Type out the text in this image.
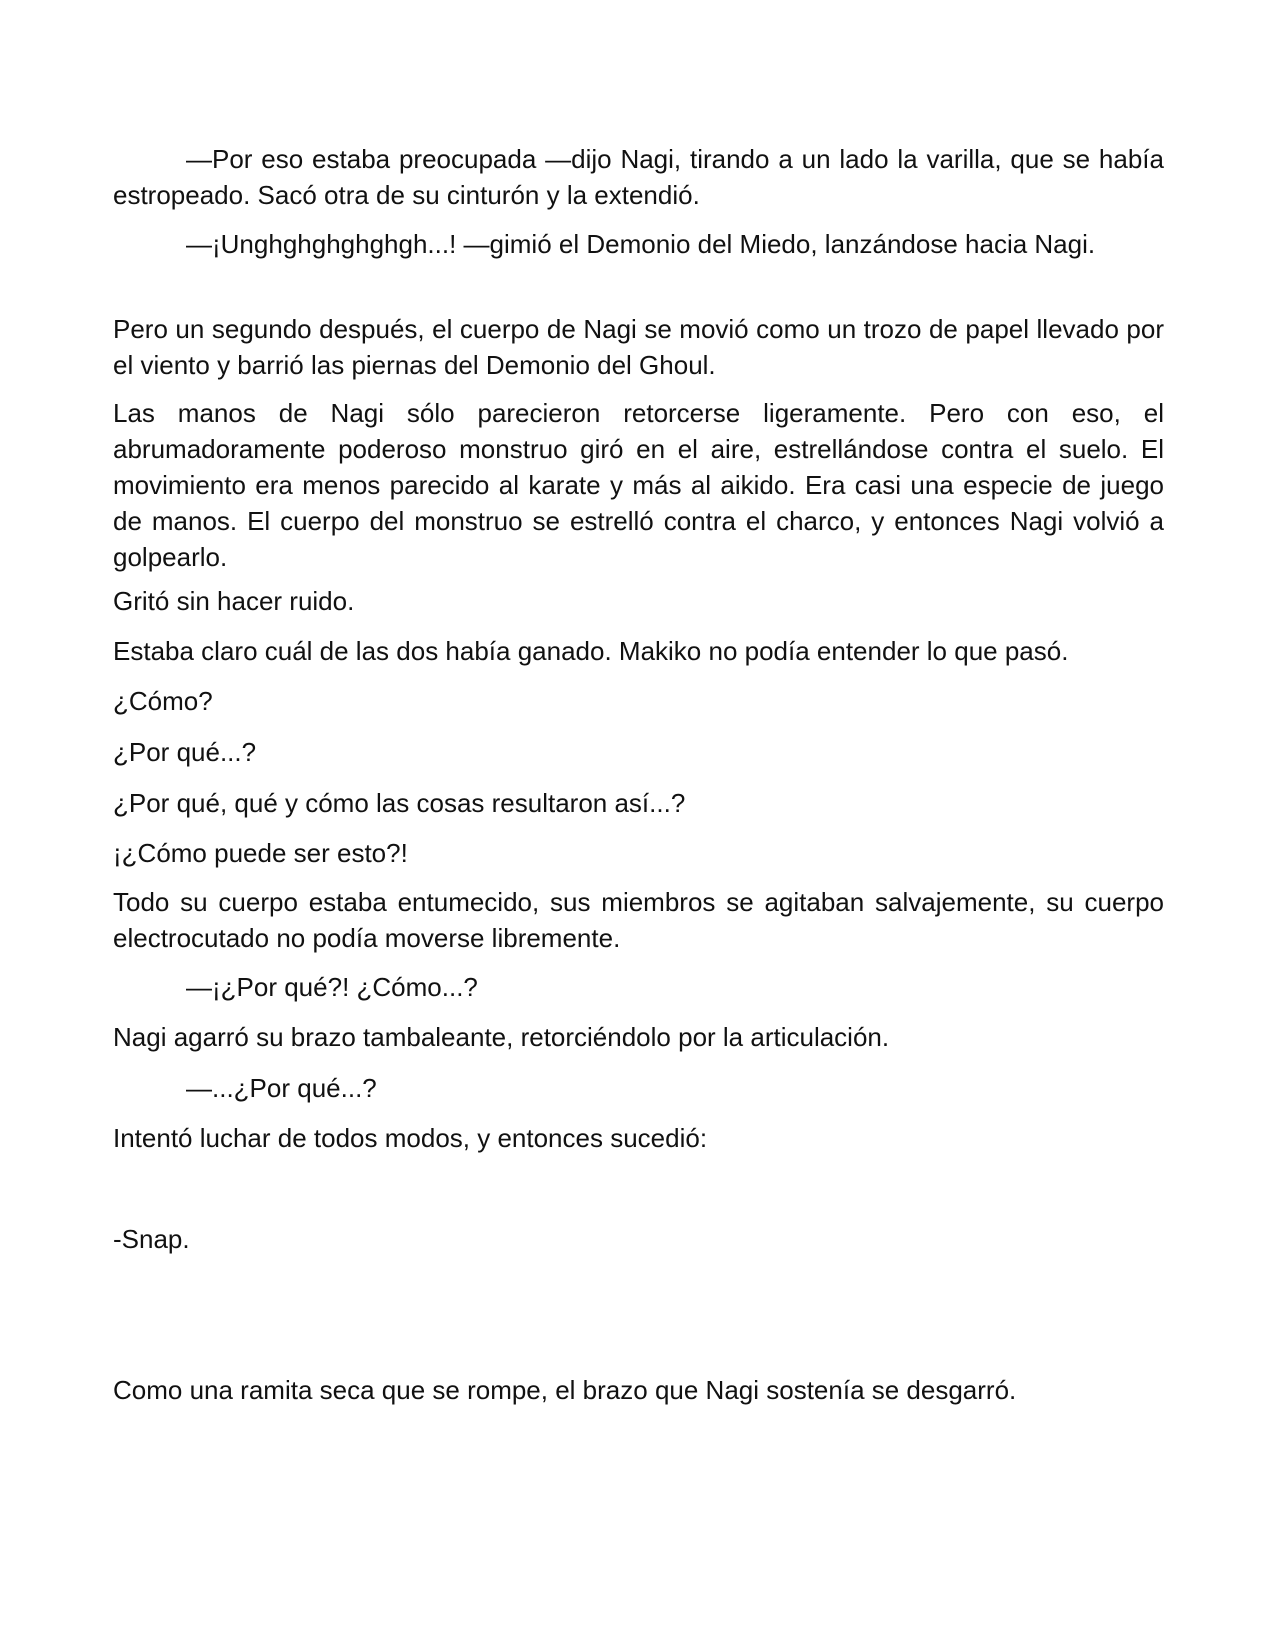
—Por eso estaba preocupada —dijo Nagi, tirando a un lado la varilla, que se había estropeado. Sacó otra de su cinturón y la extendió.

—¡Unghghghghghgh...! —gimió el Demonio del Miedo, lanzándose hacia Nagi.

Pero un segundo después, el cuerpo de Nagi se movió como un trozo de papel llevado por el viento y barrió las piernas del Demonio del Ghoul.

Las manos de Nagi sólo parecieron retorcerse ligeramente. Pero con eso, el abrumadoramente poderoso monstruo giró en el aire, estrellándose contra el suelo. El movimiento era menos parecido al karate y más al aikido. Era casi una especie de juego de manos. El cuerpo del monstruo se estrelló contra el charco, y entonces Nagi volvió a golpearlo.

Gritó sin hacer ruido.

Estaba claro cuál de las dos había ganado. Makiko no podía entender lo que pasó.

¿Cómo?

¿Por qué...?

¿Por qué, qué y cómo las cosas resultaron así...?

¡¿Cómo puede ser esto?!

Todo su cuerpo estaba entumecido, sus miembros se agitaban salvajemente, su cuerpo electrocutado no podía moverse libremente.

—¡¿Por qué?! ¿Cómo...?

Nagi agarró su brazo tambaleante, retorciéndolo por la articulación.

—...¿Por qué...?

Intentó luchar de todos modos, y entonces sucedió:

-Snap.

Como una ramita seca que se rompe, el brazo que Nagi sostenía se desgarró.
